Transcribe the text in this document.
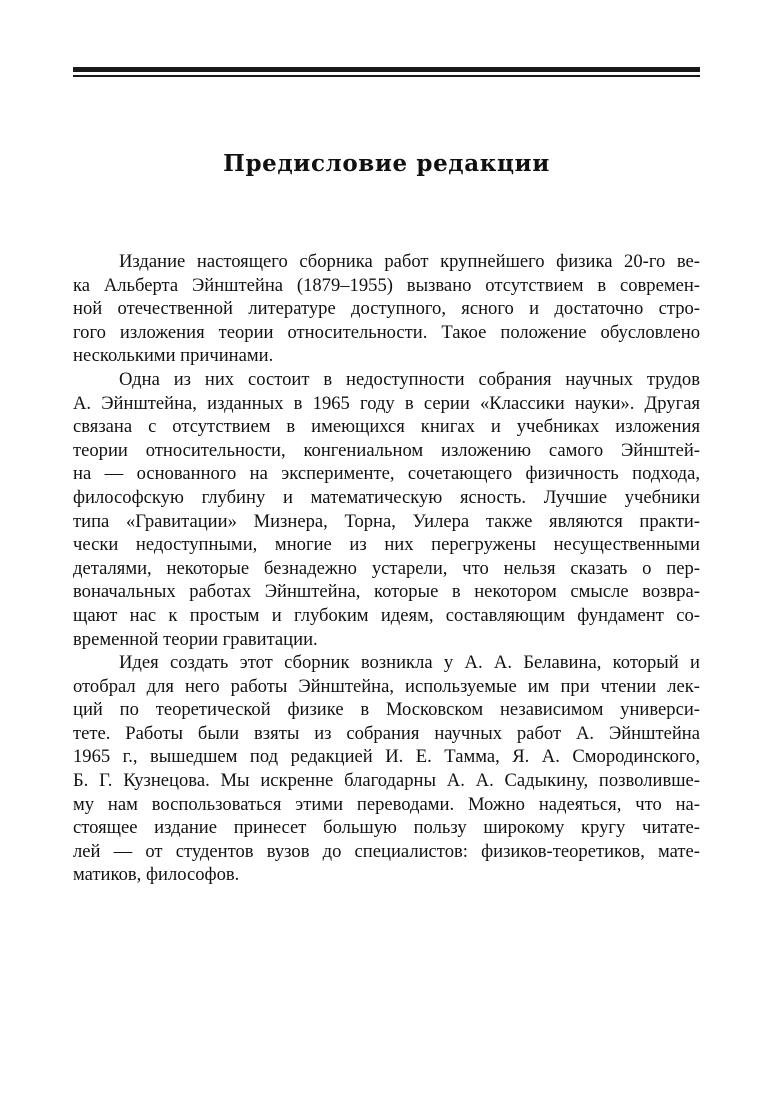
Предисловие редакции
Издание настоящего сборника работ крупнейшего физика 20-го ве-
ка Альберта Эйнштейна (1879–1955) вызвано отсутствием в современ-
ной отечественной литературе доступного, ясного и достаточно стро-
гого изложения теории относительности. Такое положение обусловлено
несколькими причинами.
Одна из них состоит в недоступности собрания научных трудов
А. Эйнштейна, изданных в 1965 году в серии «Классики науки». Другая
связана с отсутствием в имеющихся книгах и учебниках изложения
теории относительности, конгениальном изложению самого Эйнштей-
на — основанного на эксперименте, сочетающего физичность подхода,
философскую глубину и математическую ясность. Лучшие учебники
типа «Гравитации» Мизнера, Торна, Уилера также являются практи-
чески недоступными, многие из них перегружены несущественными
деталями, некоторые безнадежно устарели, что нельзя сказать о пер-
воначальных работах Эйнштейна, которые в некотором смысле возвра-
щают нас к простым и глубоким идеям, составляющим фундамент со-
временной теории гравитации.
Идея создать этот сборник возникла у А. А. Белавина, который и
отобрал для него работы Эйнштейна, используемые им при чтении лек-
ций по теоретической физике в Московском независимом универси-
тете. Работы были взяты из собрания научных работ А. Эйнштейна
1965 г., вышедшем под редакцией И. Е. Тамма, Я. А. Смородинского,
Б. Г. Кузнецова. Мы искренне благодарны А. А. Садыкину, позволивше-
му нам воспользоваться этими переводами. Можно надеяться, что на-
стоящее издание принесет большую пользу широкому кругу читате-
лей — от студентов вузов до специалистов: физиков-теоретиков, мате-
матиков, философов.
